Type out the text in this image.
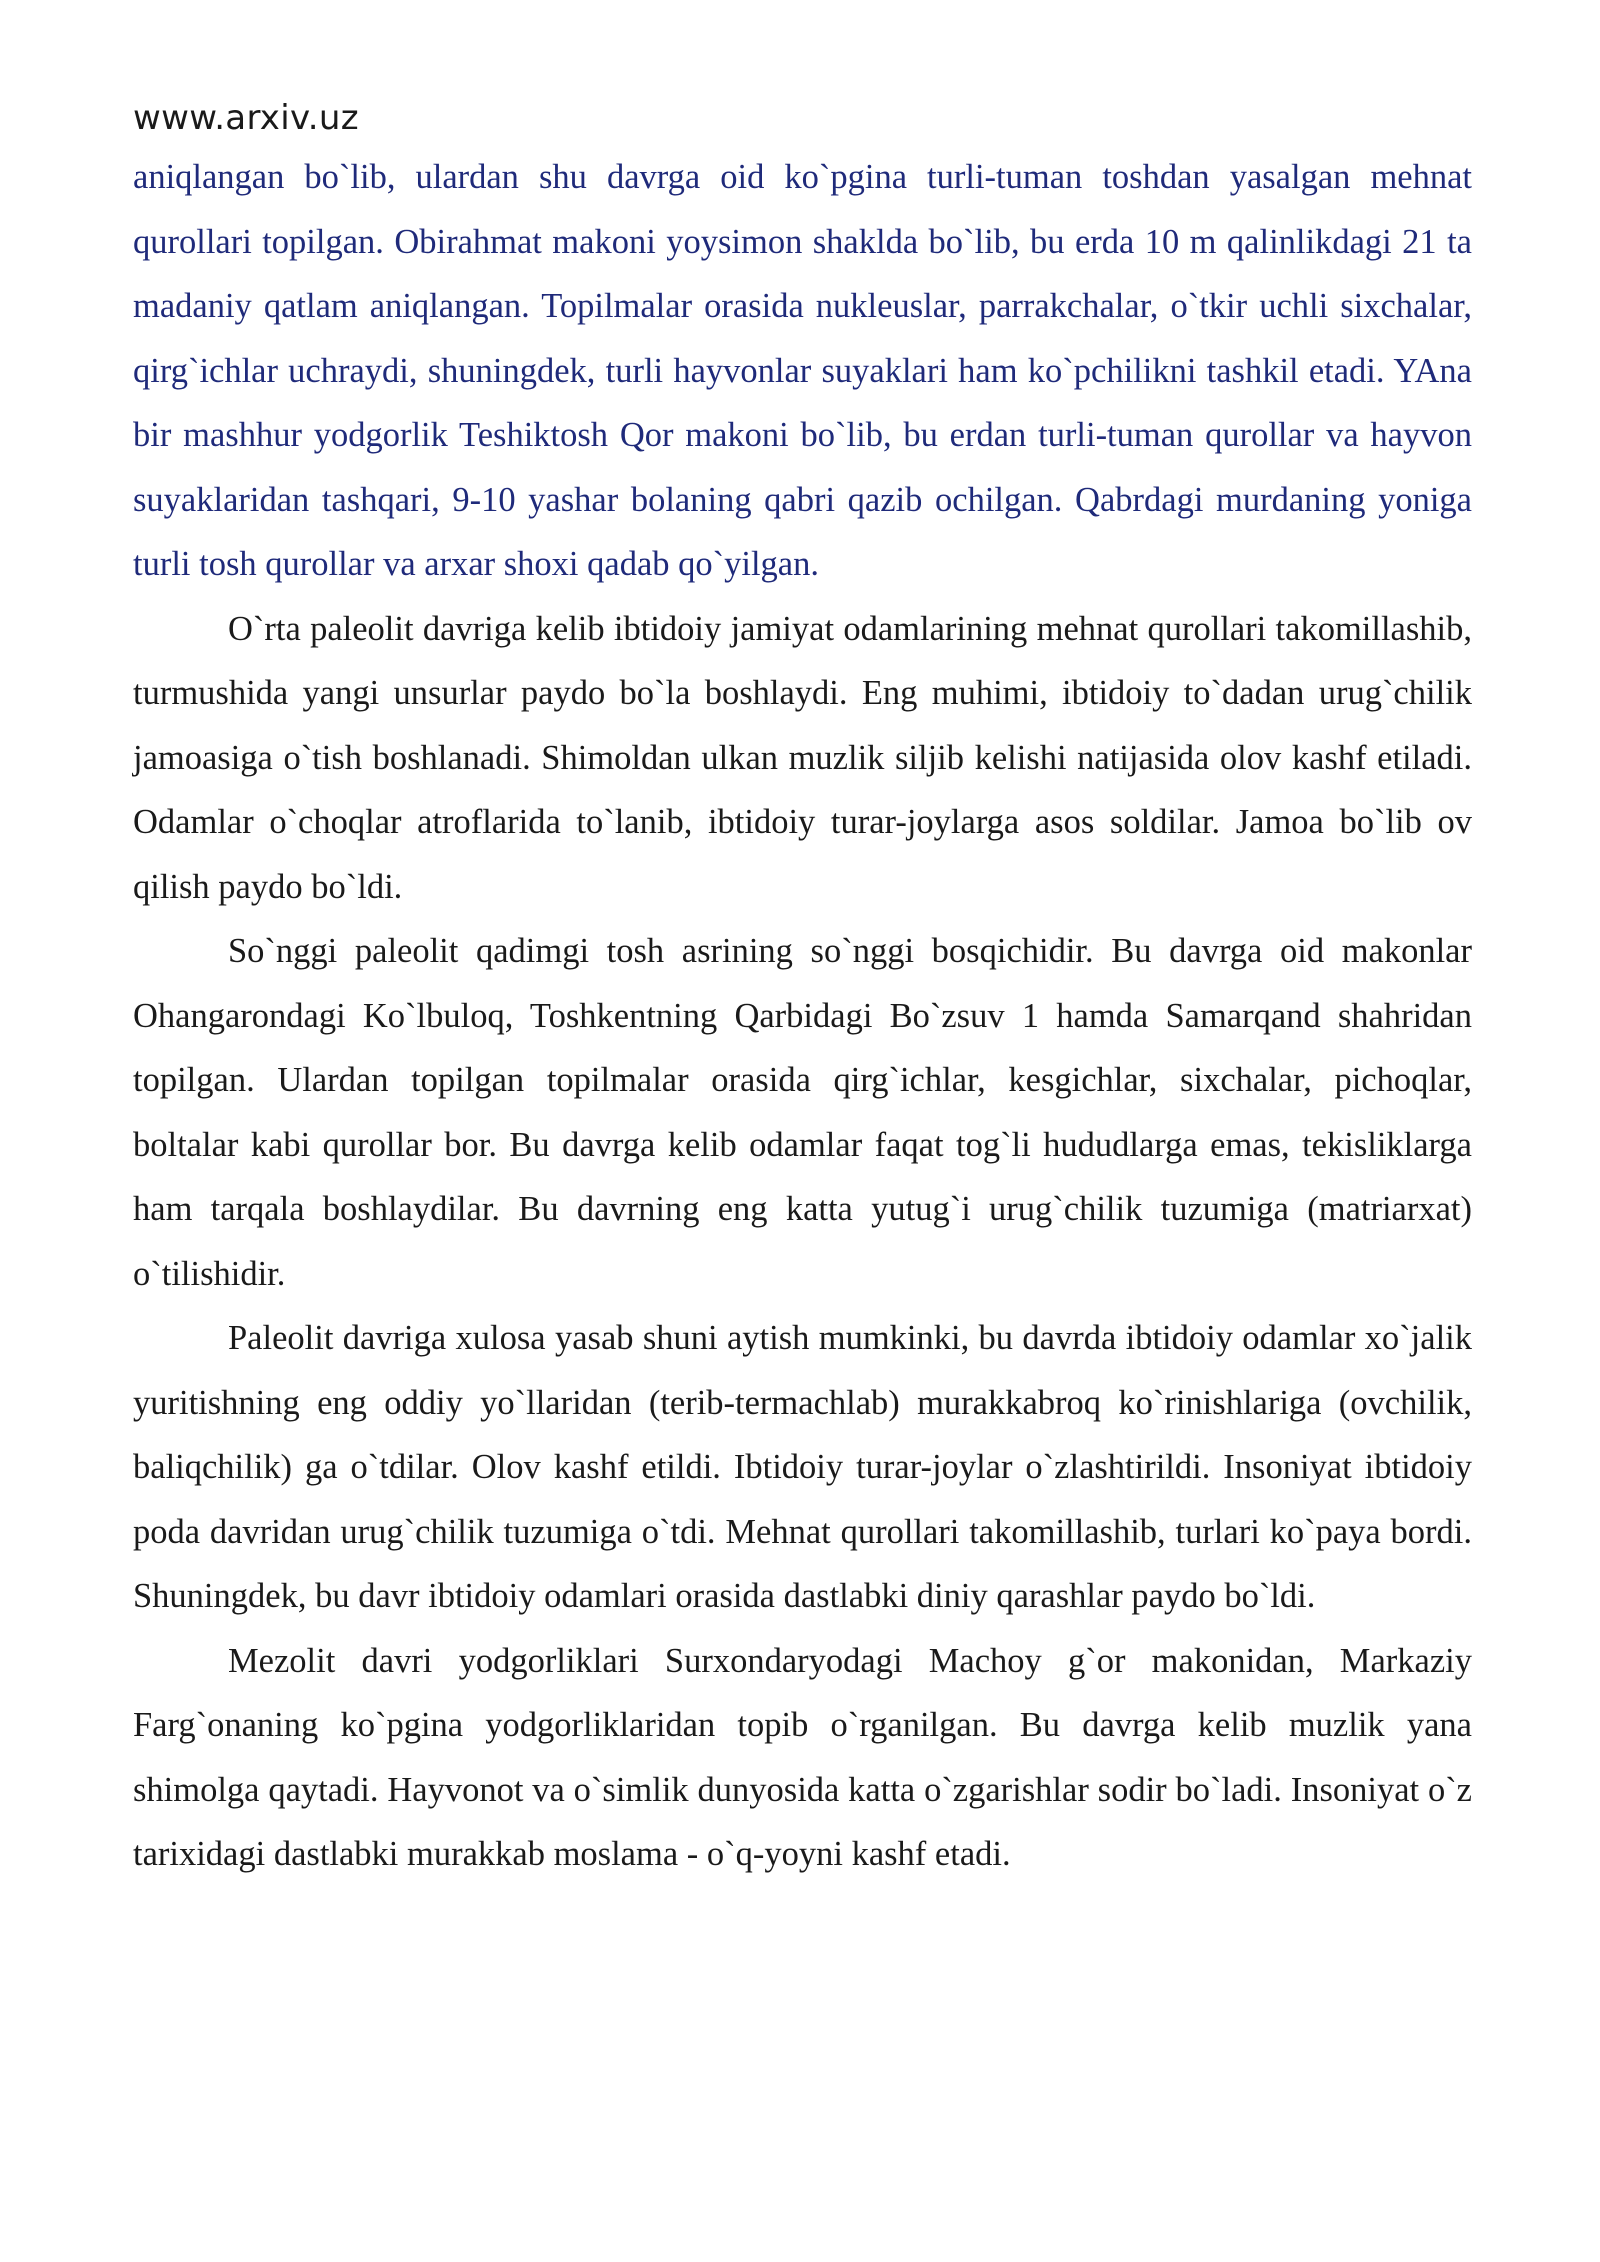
www.arxiv.uz

aniqlangan bo`lib, ulardan shu davrga oid ko`pgina turli-tuman toshdan yasalgan mehnat qurollari topilgan. Obirahmat makoni yoysimon shaklda bo`lib, bu erda 10 m qalinlikdagi 21 ta madaniy qatlam aniqlangan. Topilmalar orasida nukleuslar, parrakchalar, o`tkir uchli sixchalar, qirg`ichlar uchraydi, shuningdek, turli hayvonlar suyaklari ham ko`pchilikni tashkil etadi. YAna bir mashhur yodgorlik Teshiktosh Qor makoni bo`lib, bu erdan turli-tuman qurollar va hayvon suyaklaridan tashqari, 9-10 yashar bolaning qabri qazib ochilgan. Qabrdagi murdaning yoniga turli tosh qurollar va arxar shoxi qadab qo`yilgan.

O`rta paleolit davriga kelib ibtidoiy jamiyat odamlarining mehnat qurollari takomillashib, turmushida yangi unsurlar paydo bo`la boshlaydi. Eng muhimi, ibtidoiy to`dadan urug`chilik jamoasiga o`tish boshlanadi. Shimoldan ulkan muzlik siljib kelishi natijasida olov kashf etiladi. Odamlar o`choqlar atroflarida to`lanib, ibtidoiy turar-joylarga asos soldilar. Jamoa bo`lib ov qilish paydo bo`ldi.

So`nggi paleolit qadimgi tosh asrining so`nggi bosqichidir. Bu davrga oid makonlar Ohangarondagi Ko`lbuloq, Toshkentning Qarbidagi Bo`zsuv 1 hamda Samarqand shahridan topilgan. Ulardan topilgan topilmalar orasida qirg`ichlar, kesgichlar, sixchalar, pichoqlar, boltalar kabi qurollar bor. Bu davrga kelib odamlar faqat tog`li hududlarga emas, tekisliklarga ham tarqala boshlaydilar. Bu davrning eng katta yutug`i urug`chilik tuzumiga (matriarxat) o`tilishidir.

Paleolit davriga xulosa yasab shuni aytish mumkinki, bu davrda ibtidoiy odamlar xo`jalik yuritishning eng oddiy yo`llaridan (terib-termachlab) murakkabroq ko`rinishlariga (ovchilik, baliqchilik) ga o`tdilar. Olov kashf etildi. Ibtidoiy turar-joylar o`zlashtirildi. Insoniyat ibtidoiy poda davridan urug`chilik tuzumiga o`tdi. Mehnat qurollari takomillashib, turlari ko`paya bordi. Shuningdek, bu davr ibtidoiy odamlari orasida dastlabki diniy qarashlar paydo bo`ldi.

Mezolit davri yodgorliklari Surxondaryodagi Machoy g`or makonidan, Markaziy Farg`onaning ko`pgina yodgorliklaridan topib o`rganilgan. Bu davrga kelib muzlik yana shimolga qaytadi. Hayvonot va o`simlik dunyosida katta o`zgarishlar sodir bo`ladi. Insoniyat o`z tarixidagi dastlabki murakkab moslama - o`q-yoyni kashf etadi.
